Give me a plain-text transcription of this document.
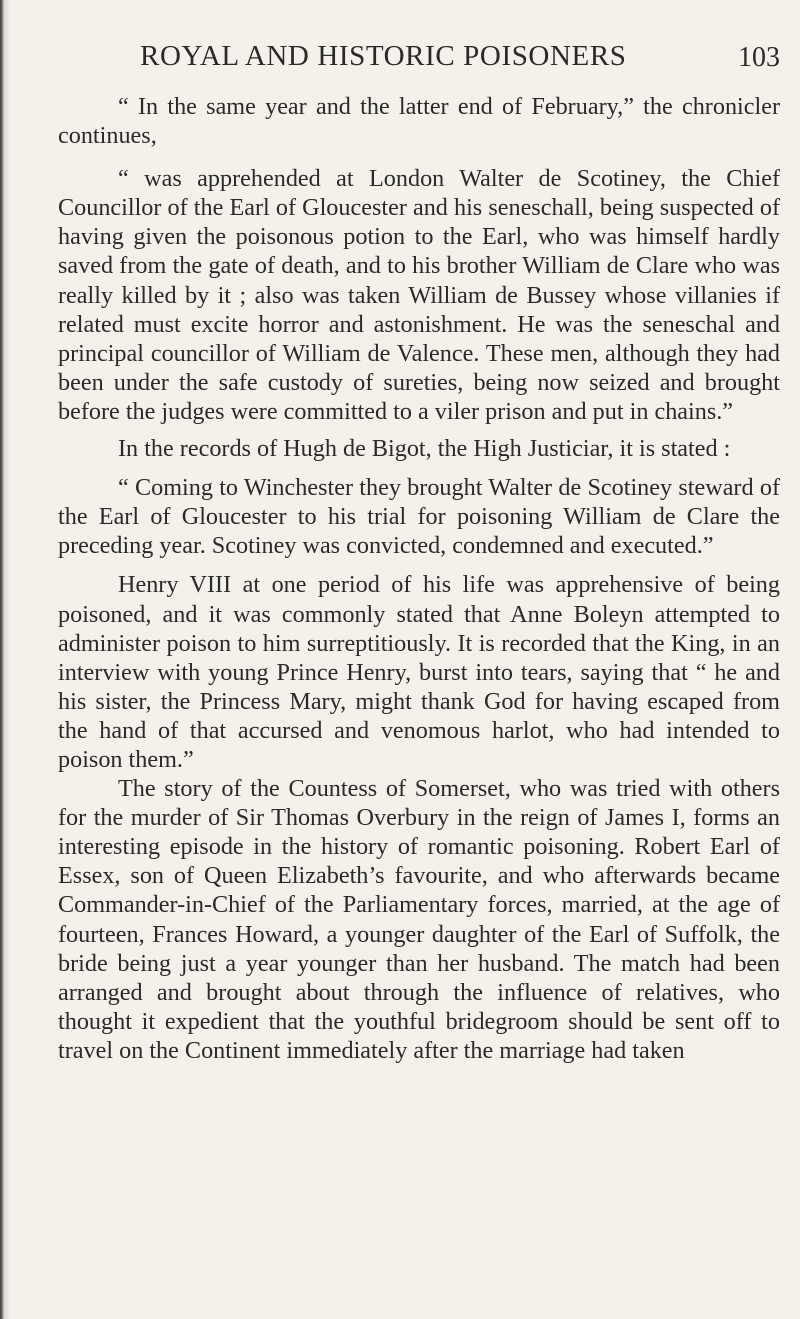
ROYAL AND HISTORIC POISONERS	103

“ In the same year and the latter end of February,” the chronicler continues,

“ was apprehended at London Walter de Scotiney, the Chief Councillor of the Earl of Gloucester and his seneschall, being suspected of having given the poisonous potion to the Earl, who was himself hardly saved from the gate of death, and to his brother William de Clare who was really killed by it ; also was taken William de Bussey whose villanies if related must excite horror and astonishment. He was the seneschal and principal councillor of William de Valence. These men, although they had been under the safe custody of sureties, being now seized and brought before the judges were committed to a viler prison and put in chains.”

In the records of Hugh de Bigot, the High Justiciar, it is stated :

“ Coming to Winchester they brought Walter de Scotiney steward of the Earl of Gloucester to his trial for poisoning William de Clare the preceding year. Scotiney was convicted, condemned and executed.”

Henry VIII at one period of his life was apprehensive of being poisoned, and it was commonly stated that Anne Boleyn attempted to administer poison to him surreptitiously. It is recorded that the King, in an interview with young Prince Henry, burst into tears, saying that “ he and his sister, the Princess Mary, might thank God for having escaped from the hand of that accursed and venomous harlot, who had intended to poison them.”

The story of the Countess of Somerset, who was tried with others for the murder of Sir Thomas Overbury in the reign of James I, forms an interesting episode in the history of romantic poisoning. Robert Earl of Essex, son of Queen Elizabeth’s favourite, and who afterwards became Commander-in-Chief of the Parliamentary forces, married, at the age of fourteen, Frances Howard, a younger daughter of the Earl of Suffolk, the bride being just a year younger than her husband. The match had been arranged and brought about through the influence of relatives, who thought it expedient that the youthful bridegroom should be sent off to travel on the Continent immediately after the marriage had taken
